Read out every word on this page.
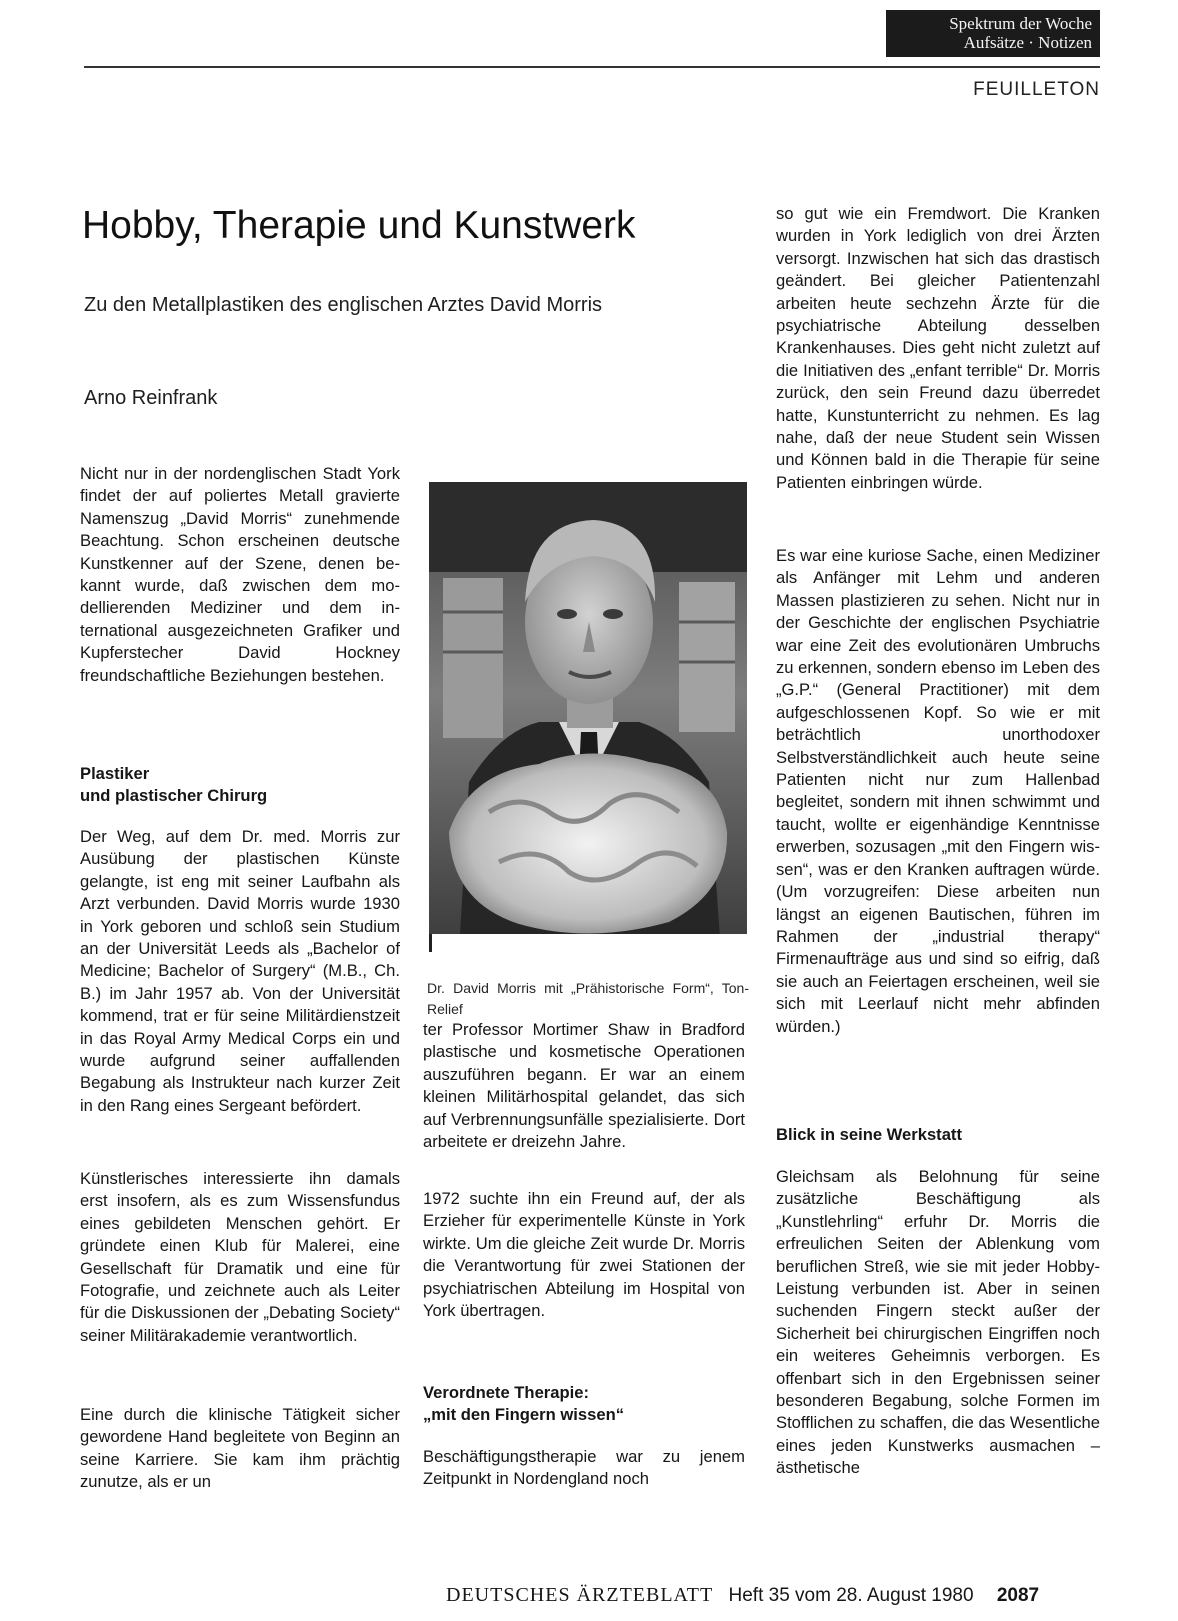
Spektrum der Woche
Aufsätze · Notizen
FEUILLETON
Hobby, Therapie und Kunstwerk

Zu den Metallplastiken des englischen Arztes David Morris

Arno Reinfrank

Nicht nur in der nordenglischen Stadt York findet der auf poliertes Metall gravierte Namenszug „David Morris“ zunehmende Beachtung. Schon erscheinen deutsche Kunstkenner auf der Szene, denen bekannt wurde, daß zwischen dem modellierenden Mediziner und dem international ausgezeichneten Grafiker und Kupferstecher David Hockney freundschaftliche Beziehungen bestehen.

Plastiker
und plastischer Chirurg

Der Weg, auf dem Dr. med. Morris zur Ausübung der plastischen Künste gelangte, ist eng mit seiner Laufbahn als Arzt verbunden. David Morris wurde 1930 in York geboren und schloß sein Studium an der Universität Leeds als „Bachelor of Medicine; Bachelor of Surgery“ (M.B., Ch. B.) im Jahr 1957 ab. Von der Universität kommend, trat er für seine Militärdienstzeit in das Royal Army Medical Corps ein und wurde aufgrund seiner auffallenden Begabung als Instrukteur nach kurzer Zeit in den Rang eines Sergeant befördert.

Künstlerisches interessierte ihn damals erst insofern, als es zum Wissensfundus eines gebildeten Menschen gehört. Er gründete einen Klub für Malerei, eine Gesellschaft für Dramatik und eine für Fotografie, und zeichnete auch als Leiter für die Diskussionen der „Debating Society“ seiner Militärakademie verantwortlich.

Eine durch die klinische Tätigkeit sicher gewordene Hand begleitete von Beginn an seine Karriere. Sie kam ihm prächtig zunutze, als er un

Dr. David Morris mit „Prähistorische Form“, Ton-Relief

ter Professor Mortimer Shaw in Bradford plastische und kosmetische Operationen auszuführen begann. Er war an einem kleinen Militärhospital gelandet, das sich auf Verbrennungsunfälle spezialisierte. Dort arbeitete er dreizehn Jahre.

1972 suchte ihn ein Freund auf, der als Erzieher für experimentelle Künste in York wirkte. Um die gleiche Zeit wurde Dr. Morris die Verantwortung für zwei Stationen der psychiatrischen Abteilung im Hospital von York übertragen.

Verordnete Therapie:
„mit den Fingern wissen“

Beschäftigungstherapie war zu jenem Zeitpunkt in Nordengland noch

so gut wie ein Fremdwort. Die Kranken wurden in York lediglich von drei Ärzten versorgt. Inzwischen hat sich das drastisch geändert. Bei gleicher Patientenzahl arbeiten heute sechzehn Ärzte für die psychiatrische Abteilung desselben Krankenhauses. Dies geht nicht zuletzt auf die Initiativen des „enfant terrible“ Dr. Morris zurück, den sein Freund dazu überredet hatte, Kunstunterricht zu nehmen. Es lag nahe, daß der neue Student sein Wissen und Können bald in die Therapie für seine Patienten einbringen würde.

Es war eine kuriose Sache, einen Mediziner als Anfänger mit Lehm und anderen Massen plastizieren zu sehen. Nicht nur in der Geschichte der englischen Psychiatrie war eine Zeit des evolutionären Umbruchs zu erkennen, sondern ebenso im Leben des „G.P.“ (General Practitioner) mit dem aufgeschlossenen Kopf. So wie er mit beträchtlich unorthodoxer Selbstverständlichkeit auch heute seine Patienten nicht nur zum Hallenbad begleitet, sondern mit ihnen schwimmt und taucht, wollte er eigenhändige Kenntnisse erwerben, sozusagen „mit den Fingern wissen“, was er den Kranken auftragen würde. (Um vorzugreifen: Diese arbeiten nun längst an eigenen Bautischen, führen im Rahmen der „industrial therapy“ Firmenaufträge aus und sind so eifrig, daß sie auch an Feiertagen erscheinen, weil sie sich mit Leerlauf nicht mehr abfinden würden.)

Blick in seine Werkstatt

Gleichsam als Belohnung für seine zusätzliche Beschäftigung als „Kunstlehrling“ erfuhr Dr. Morris die erfreulichen Seiten der Ablenkung vom beruflichen Streß, wie sie mit jeder Hobby-Leistung verbunden ist. Aber in seinen suchenden Fingern steckt außer der Sicherheit bei chirurgischen Eingriffen noch ein weiteres Geheimnis verborgen. Es offenbart sich in den Ergebnissen seiner besonderen Begabung, solche Formen im Stofflichen zu schaffen, die das Wesentliche eines jeden Kunstwerks ausmachen – ästhetische

DEUTSCHES ÄRZTEBLATT Heft 35 vom 28. August 1980 2087
